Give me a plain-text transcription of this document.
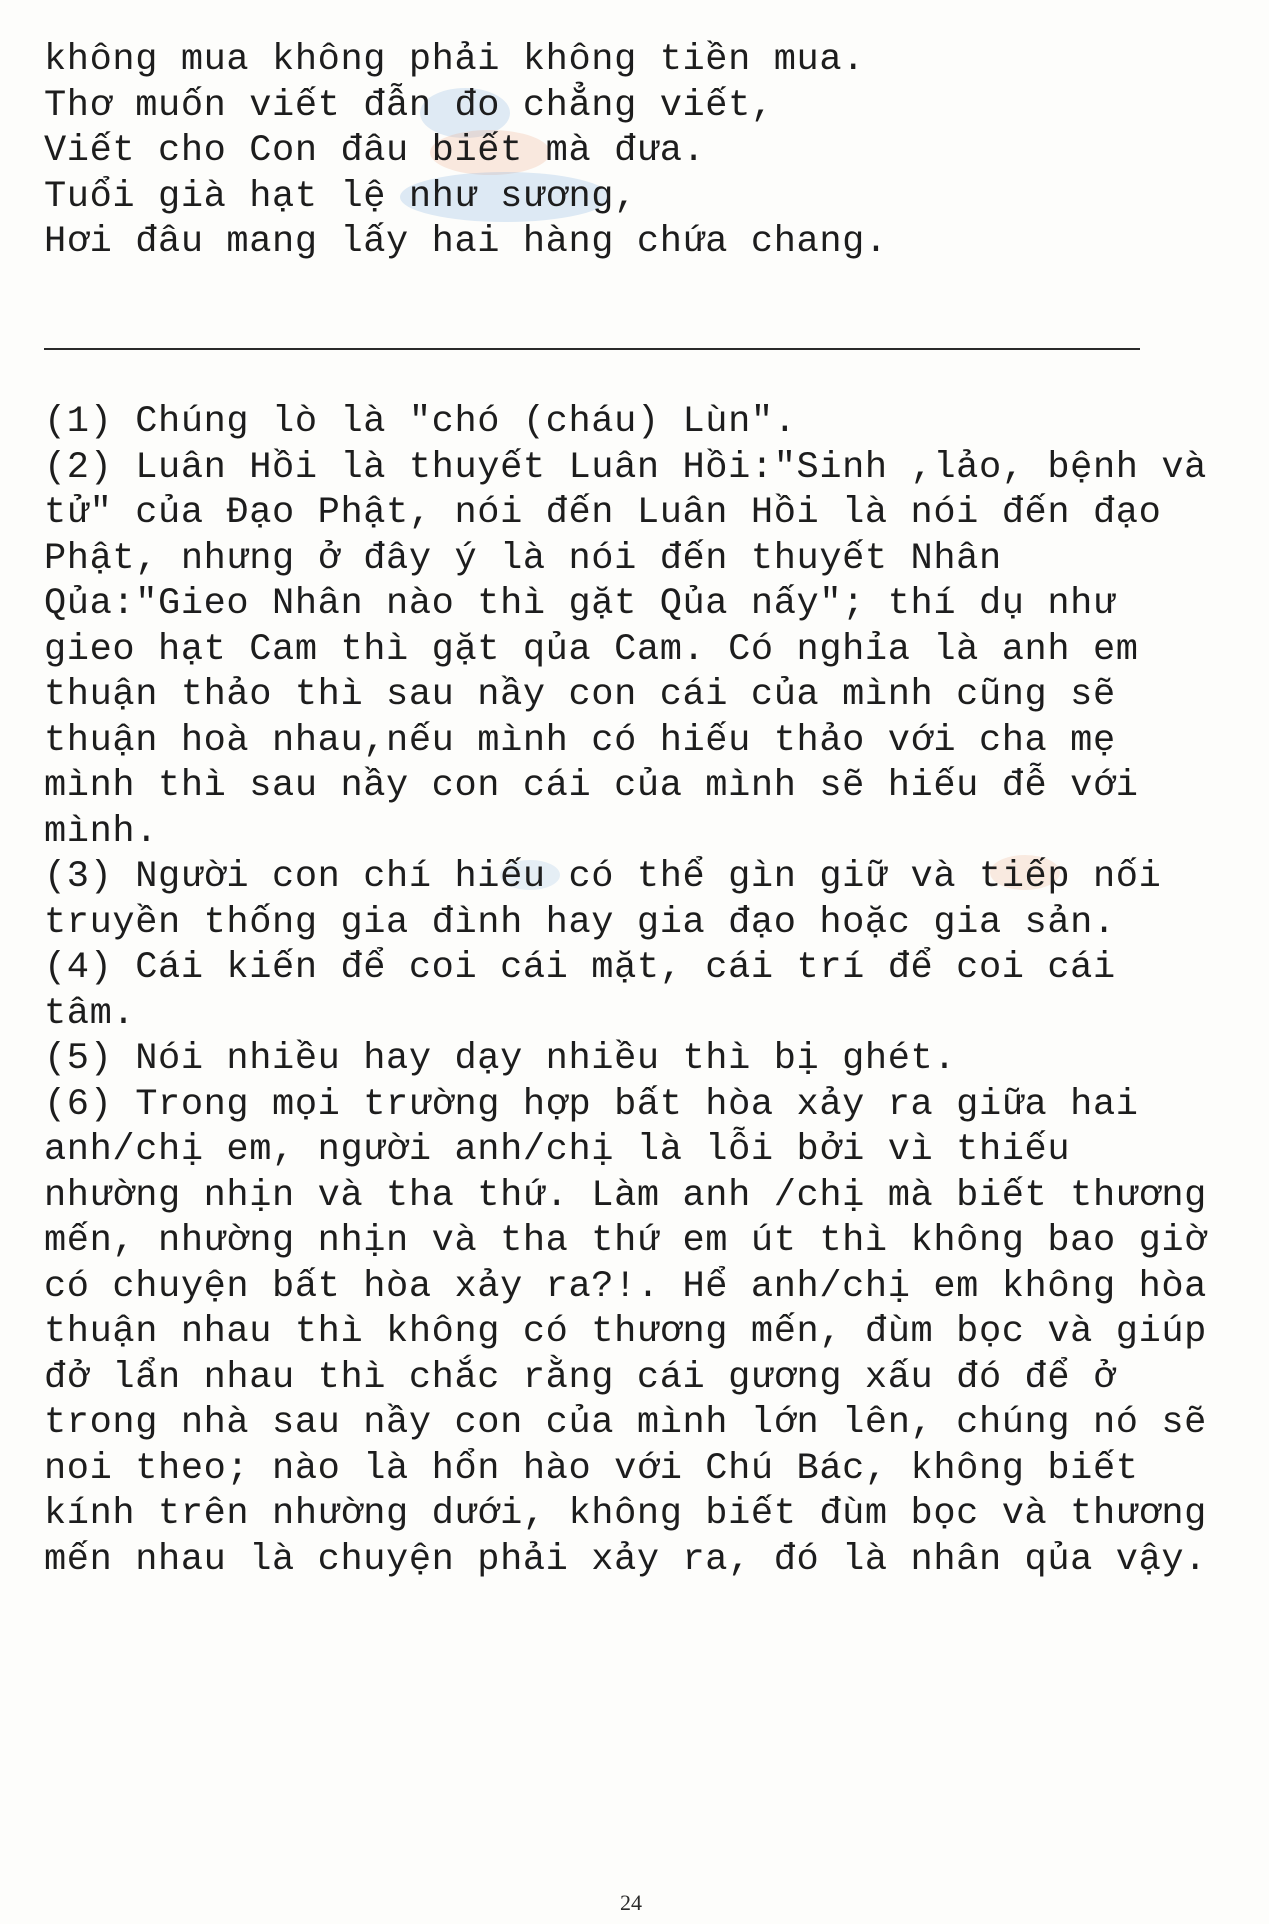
không mua không phải không tiền mua.
Thơ muốn viết đẫn đo chẳng viết,
Viết cho Con đâu biết mà đưa.
Tuổi già hạt lệ như sương,
Hơi đâu mang lấy hai hàng chứa chang.
(1) Chúng lò là "chó (cháu) Lùn".
(2) Luân Hồi là thuyết Luân Hồi:"Sinh ,lảo, bệnh và
tử" của Đạo Phật, nói đến Luân Hồi là nói đến đạo
Phật, nhưng ở đây ý là nói đến thuyết Nhân
Qủa:"Gieo Nhân nào thì gặt Qủa nấy"; thí dụ như
gieo hạt Cam thì gặt qủa Cam. Có nghỉa là anh em
thuận thảo thì sau nầy con cái của mình cũng sẽ
thuận hoà nhau,nếu mình có hiếu thảo với cha mẹ
mình thì sau nầy con cái của mình sẽ hiếu đễ với
mình.
(3) Người con chí hiếu có thể gìn giữ và tiếp nối
truyền thống gia đình hay gia đạo hoặc gia sản.
(4) Cái kiến để coi cái mặt, cái trí để coi cái
tâm.
(5) Nói nhiều hay dạy nhiều thì bị ghét.
(6) Trong mọi trường hợp bất hòa xảy ra giữa hai
anh/chị em, người anh/chị là lỗi bởi vì thiếu
nhường nhịn và tha thứ. Làm anh /chị mà biết thương
mến, nhường nhịn và tha thứ em út thì không bao giờ
có chuyện bất hòa xảy ra?!. Hể anh/chị em không hòa
thuận nhau thì không có thương mến, đùm bọc và giúp
đở lẩn nhau thì chắc rằng cái gương xấu đó để ở
trong nhà sau nầy con của mình lớn lên, chúng nó sẽ
noi theo; nào là hổn hào với Chú Bác, không biết
kính trên nhường dưới, không biết đùm bọc và thương
mến nhau là chuyện phải xảy ra, đó là nhân qủa vậy.
24
